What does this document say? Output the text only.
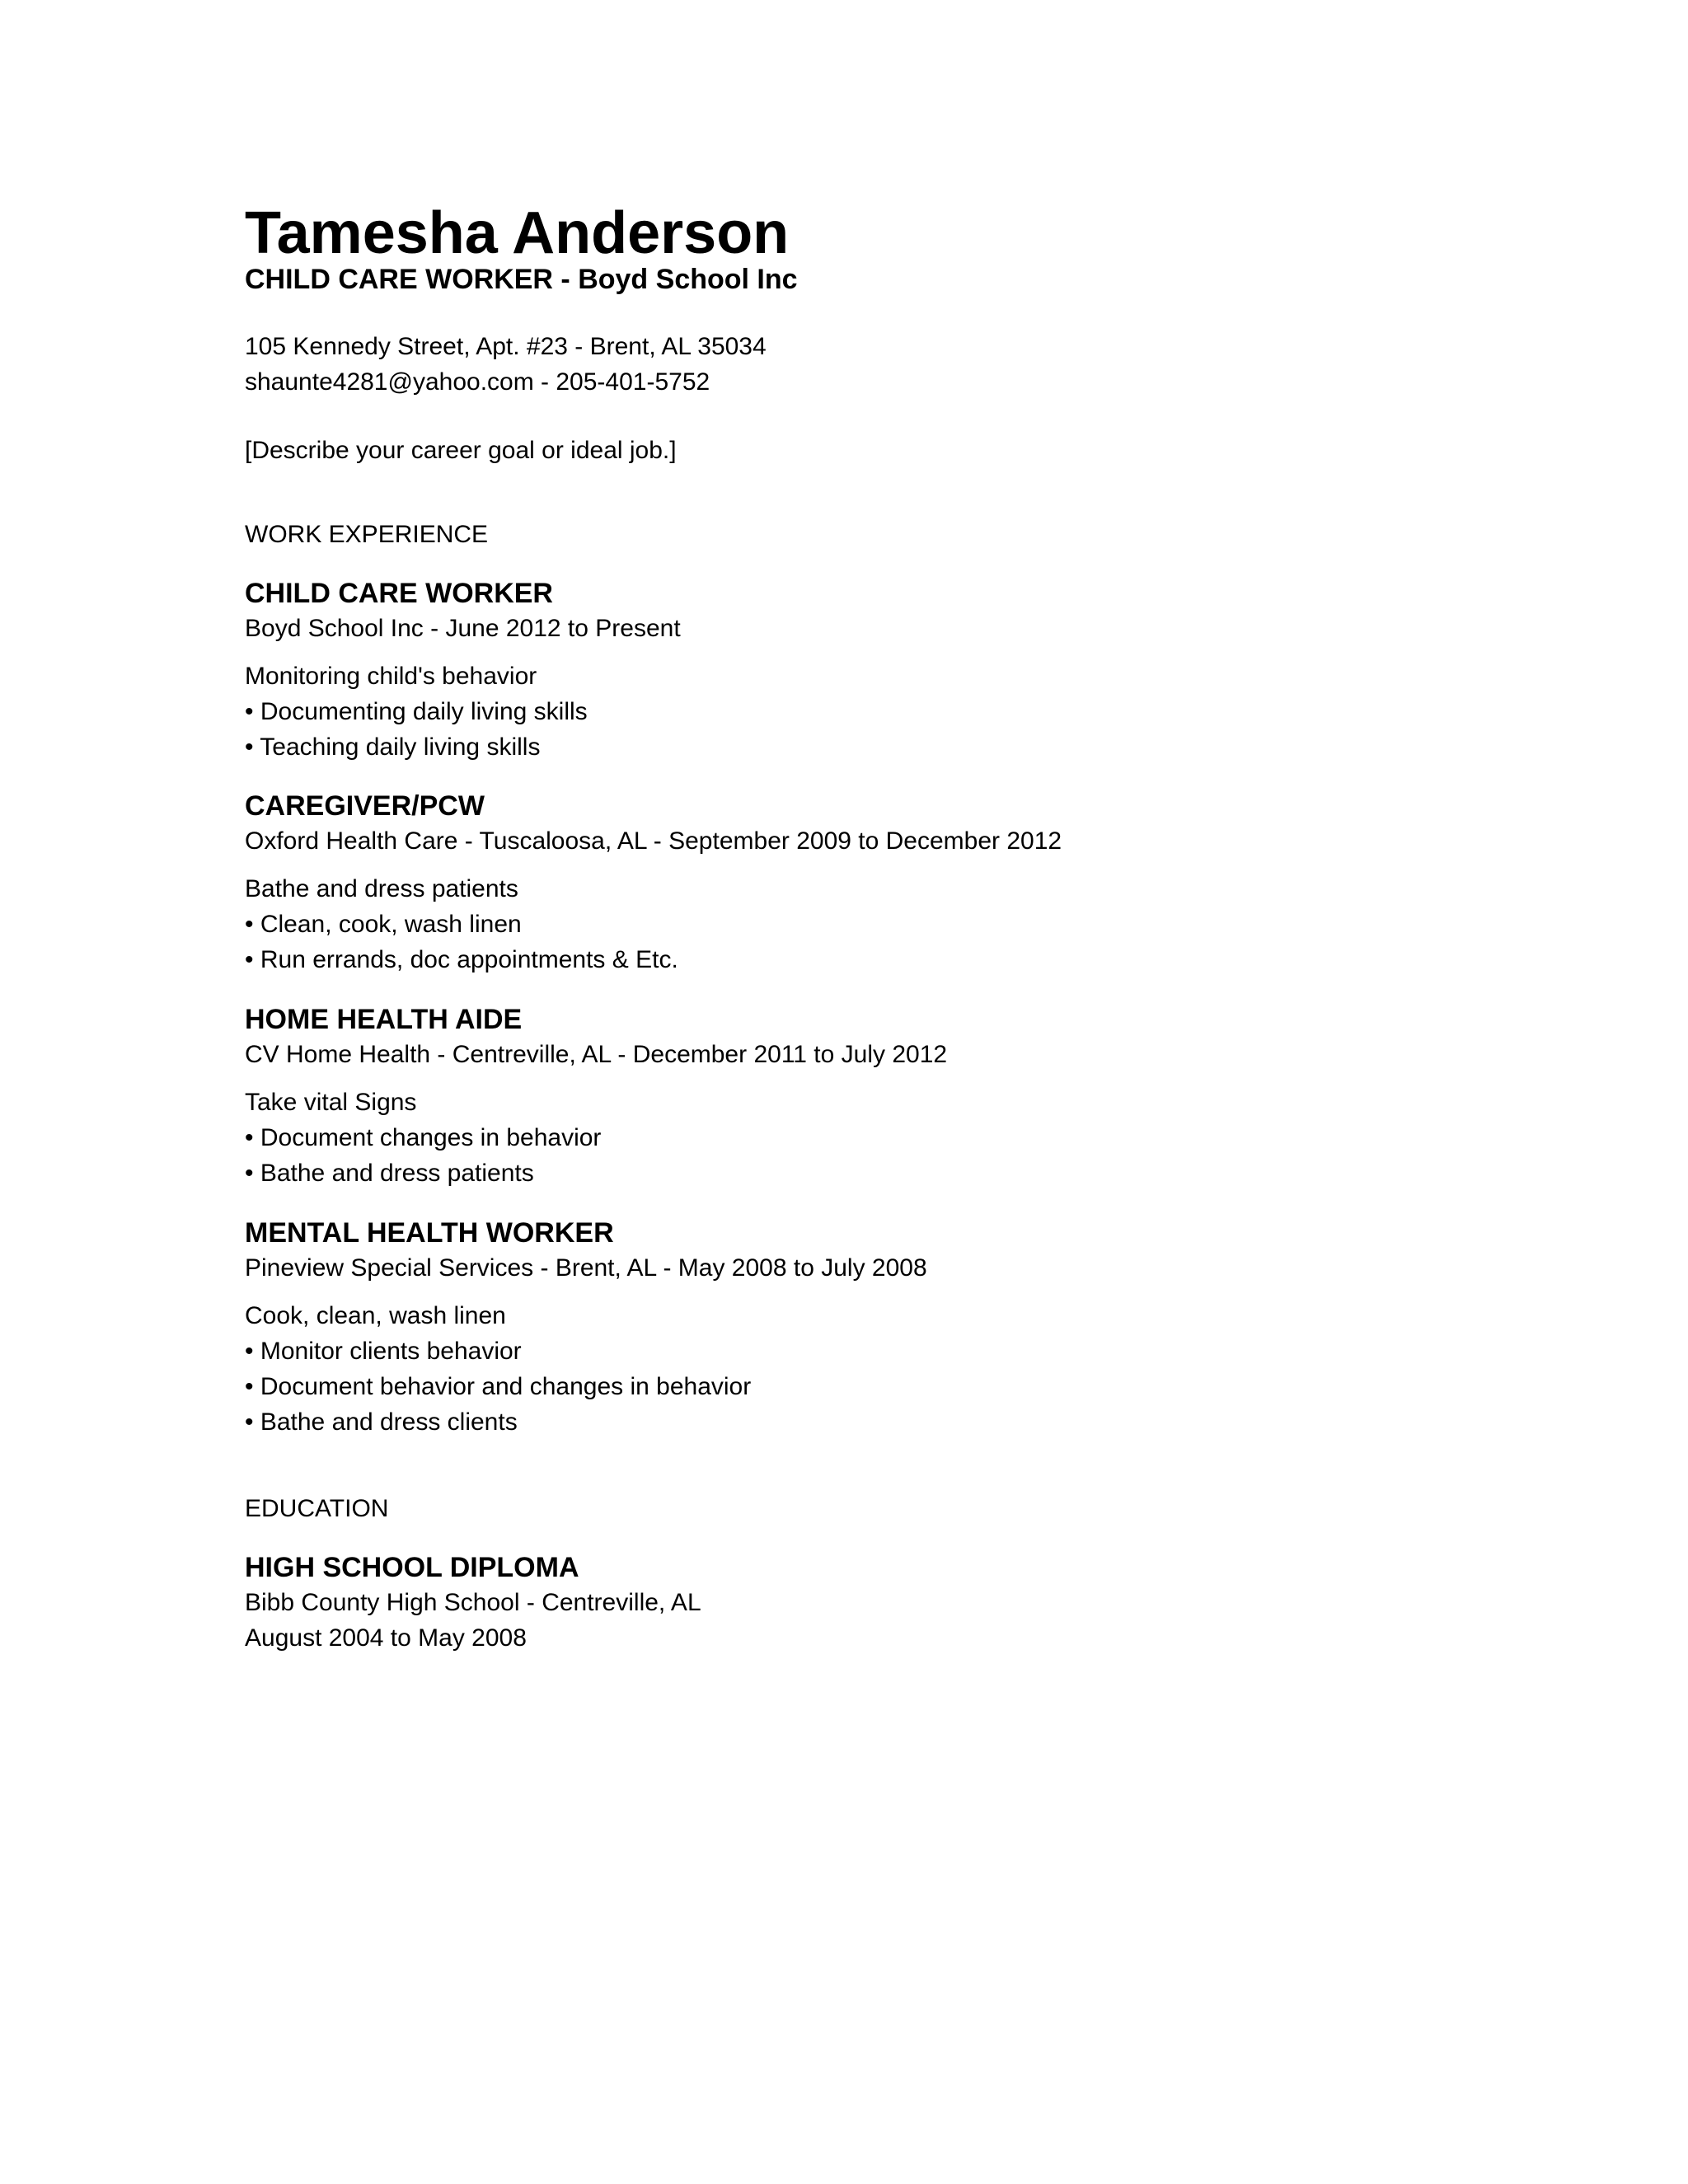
Tamesha Anderson
CHILD CARE WORKER - Boyd School Inc
105 Kennedy Street, Apt. #23 - Brent, AL 35034
shaunte4281@yahoo.com - 205-401-5752
[Describe your career goal or ideal job.]
WORK EXPERIENCE
CHILD CARE WORKER
Boyd School Inc - June 2012 to Present
Monitoring child's behavior
• Documenting daily living skills
• Teaching daily living skills
CAREGIVER/PCW
Oxford Health Care - Tuscaloosa, AL - September 2009 to December 2012
Bathe and dress patients
• Clean, cook, wash linen
• Run errands, doc appointments & Etc.
HOME HEALTH AIDE
CV Home Health - Centreville, AL - December 2011 to July 2012
Take vital Signs
• Document changes in behavior
• Bathe and dress patients
MENTAL HEALTH WORKER
Pineview Special Services - Brent, AL - May 2008 to July 2008
Cook, clean, wash linen
• Monitor clients behavior
• Document behavior and changes in behavior
• Bathe and dress clients
EDUCATION
HIGH SCHOOL DIPLOMA
Bibb County High School - Centreville, AL
August 2004 to May 2008
